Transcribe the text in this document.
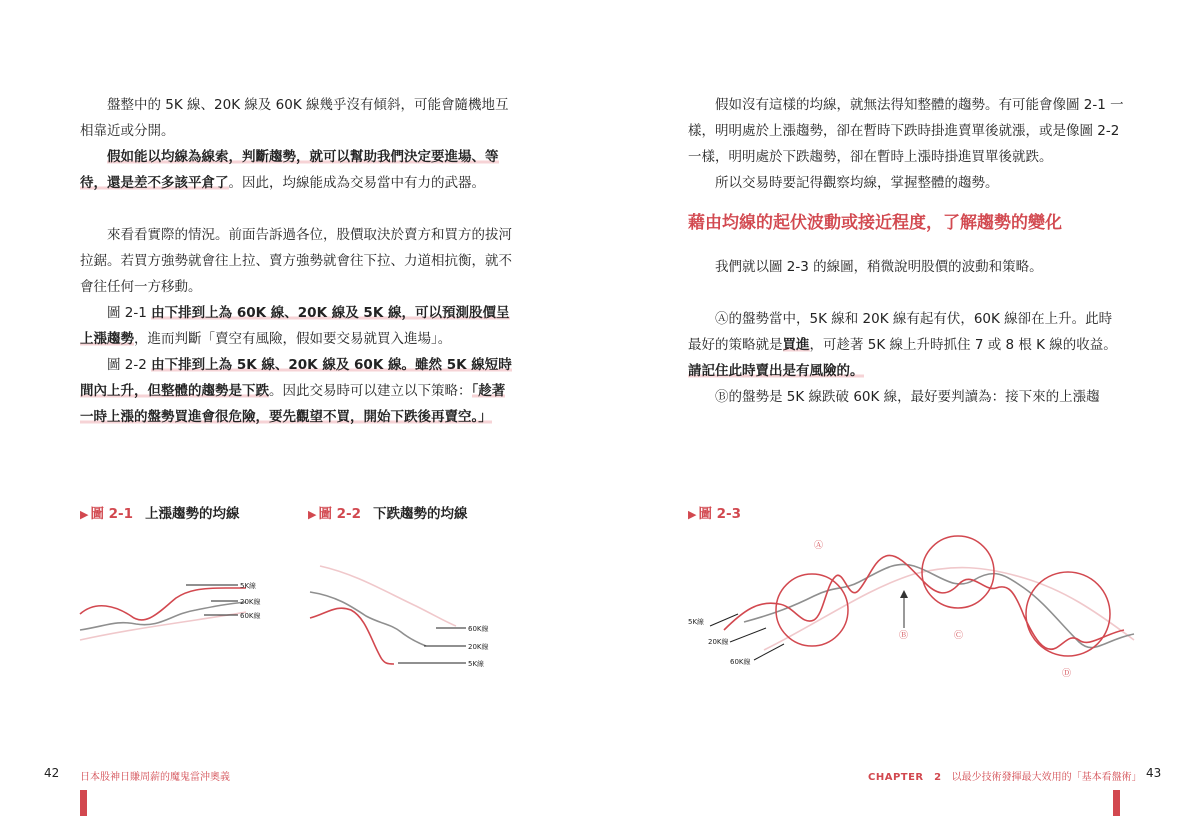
盤整中的 5K 線、20K 線及 60K 線幾乎沒有傾斜，可能會隨機地互相靠近或分開。

假如能以均線為線索，判斷趨勢，就可以幫助我們決定要進場、等待，還是差不多該平倉了。因此，均線能成為交易當中有力的武器。

來看看實際的情況。前面告訴過各位，股價取決於賣方和買方的拔河拉鋸。若買方強勢就會往上拉、賣方強勢就會往下拉、力道相抗衡，就不會往任何一方移動。

圖 2-1 由下排到上為 60K 線、20K 線及 5K 線，可以預測股價呈上漲趨勢，進而判斷「賣空有風險，假如要交易就買入進場」。

圖 2-2 由下排到上為 5K 線、20K 線及 60K 線。雖然 5K 線短時間內上升，但整體的趨勢是下跌。因此交易時可以建立以下策略：「趁著一時上漲的盤勢買進會很危險，要先觀望不買，開始下跌後再賣空。」

假如沒有這樣的均線，就無法得知整體的趨勢。有可能會像圖 2-1 一樣，明明處於上漲趨勢，卻在暫時下跌時掛進賣單後就漲，或是像圖 2-2 一樣，明明處於下跌趨勢，卻在暫時上漲時掛進買單後就跌。

所以交易時要記得觀察均線，掌握整體的趨勢。

藉由均線的起伏波動或接近程度，了解趨勢的變化

我們就以圖 2-3 的線圖，稍微說明股價的波動和策略。

Ⓐ的盤勢當中，5K 線和 20K 線有起有伏，60K 線卻在上升。此時最好的策略就是買進，可趁著 5K 線上升時抓住 7 或 8 根 K 線的收益。請記住此時賣出是有風險的。

Ⓑ的盤勢是 5K 線跌破 60K 線，最好要判讀為：接下來的上漲趨

▶ 圖 2-1 上漲趨勢的均線	▶ 圖 2-2 下跌趨勢的均線	▶ 圖 2-3
5K線
20K線
60K線
60K線
20K線
5K線
Ⓐ
Ⓑ	Ⓒ
Ⓓ
5K線
20K線
60K線
42 日本股神日賺周薪的魔鬼當沖奧義	CHAPTER　2　 以最少技術發揮最大效用的「基本看盤術」 43
